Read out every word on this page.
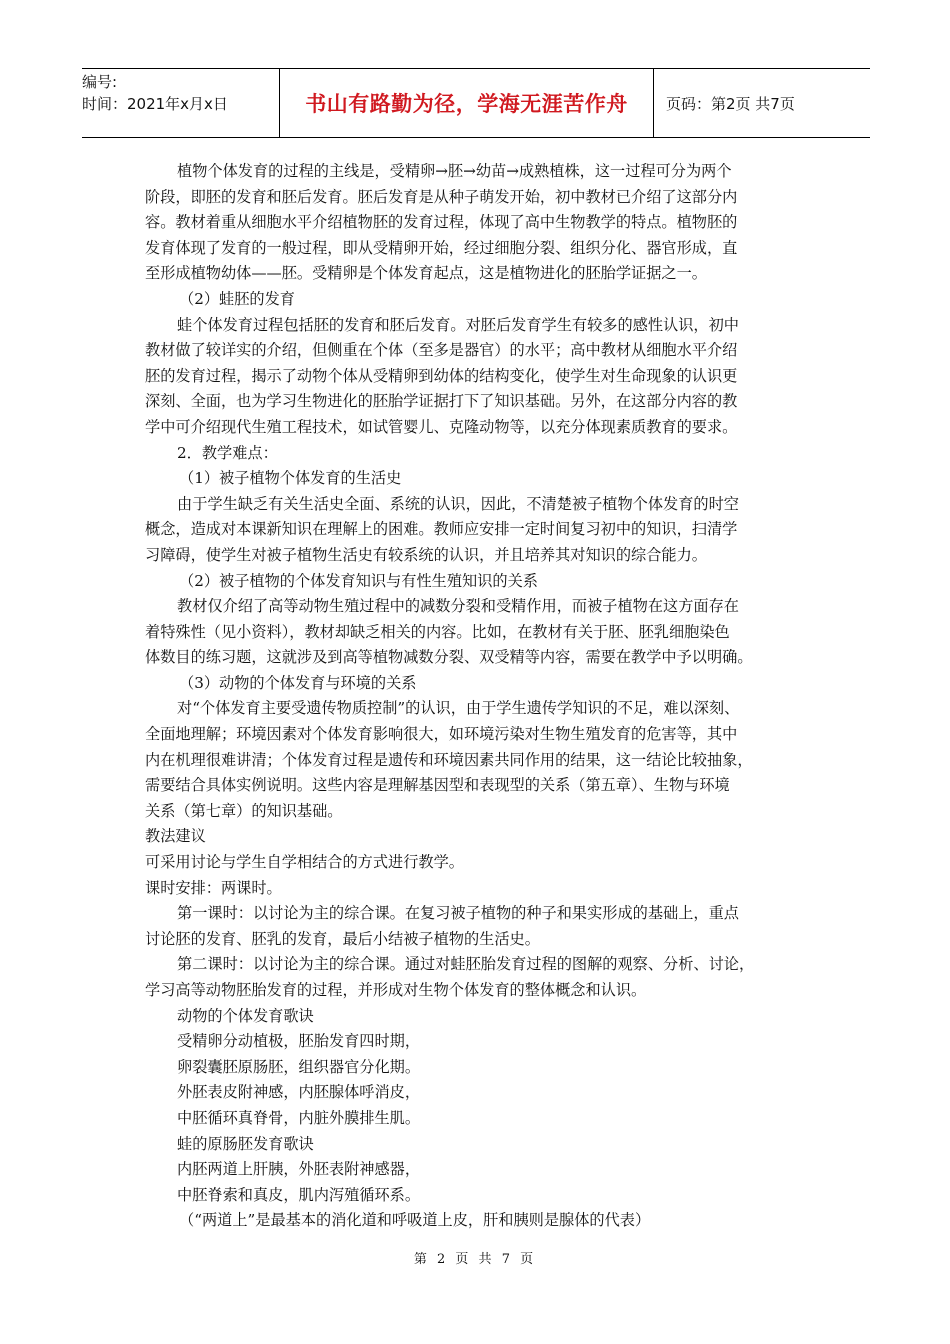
编号:
时间：2021年x月x日	书山有路勤为径，学海无涯苦作舟	页码：第2页 共7页

植物个体发育的过程的主线是，受精卵→胚→幼苗→成熟植株，这一过程可分为两个

阶段，即胚的发育和胚后发育。胚后发育是从种子萌发开始，初中教材已介绍了这部分内

容。教材着重从细胞水平介绍植物胚的发育过程，体现了高中生物教学的特点。植物胚的

发育体现了发育的一般过程，即从受精卵开始，经过细胞分裂、组织分化、器官形成，直

至形成植物幼体——胚。受精卵是个体发育起点，这是植物进化的胚胎学证据之一。

（2）蛙胚的发育

蛙个体发育过程包括胚的发育和胚后发育。对胚后发育学生有较多的感性认识，初中

教材做了较详实的介绍，但侧重在个体（至多是器官）的水平；高中教材从细胞水平介绍

胚的发育过程，揭示了动物个体从受精卵到幼体的结构变化，使学生对生命现象的认识更

深刻、全面，也为学习生物进化的胚胎学证据打下了知识基础。另外，在这部分内容的教

学中可介绍现代生殖工程技术，如试管婴儿、克隆动物等，以充分体现素质教育的要求。

2．教学难点：

（1）被子植物个体发育的生活史

由于学生缺乏有关生活史全面、系统的认识，因此，不清楚被子植物个体发育的时空

概念，造成对本课新知识在理解上的困难。教师应安排一定时间复习初中的知识，扫清学

习障碍，使学生对被子植物生活史有较系统的认识，并且培养其对知识的综合能力。

（2）被子植物的个体发育知识与有性生殖知识的关系

教材仅介绍了高等动物生殖过程中的减数分裂和受精作用，而被子植物在这方面存在

着特殊性（见小资料），教材却缺乏相关的内容。比如，在教材有关于胚、胚乳细胞染色

体数目的练习题，这就涉及到高等植物减数分裂、双受精等内容，需要在教学中予以明确。

（3）动物的个体发育与环境的关系

对“个体发育主要受遗传物质控制”的认识，由于学生遗传学知识的不足，难以深刻、

全面地理解；环境因素对个体发育影响很大，如环境污染对生物生殖发育的危害等，其中

内在机理很难讲清；个体发育过程是遗传和环境因素共同作用的结果，这一结论比较抽象，

需要结合具体实例说明。这些内容是理解基因型和表现型的关系（第五章）、生物与环境

关系（第七章）的知识基础。

教法建议

可采用讨论与学生自学相结合的方式进行教学。

课时安排：两课时。

第一课时：以讨论为主的综合课。在复习被子植物的种子和果实形成的基础上，重点

讨论胚的发育、胚乳的发育，最后小结被子植物的生活史。

第二课时：以讨论为主的综合课。通过对蛙胚胎发育过程的图解的观察、分析、讨论，

学习高等动物胚胎发育的过程，并形成对生物个体发育的整体概念和认识。

动物的个体发育歌诀

受精卵分动植极，胚胎发育四时期，

卵裂囊胚原肠胚，组织器官分化期。

外胚表皮附神感，内胚腺体呼消皮，

中胚循环真脊骨，内脏外膜排生肌。

蛙的原肠胚发育歌诀

内胚两道上肝胰，外胚表附神感器，

中胚脊索和真皮，肌内泻殖循环系。

（“两道上”是最基本的消化道和呼吸道上皮，肝和胰则是腺体的代表）

第 2 页 共 7 页
